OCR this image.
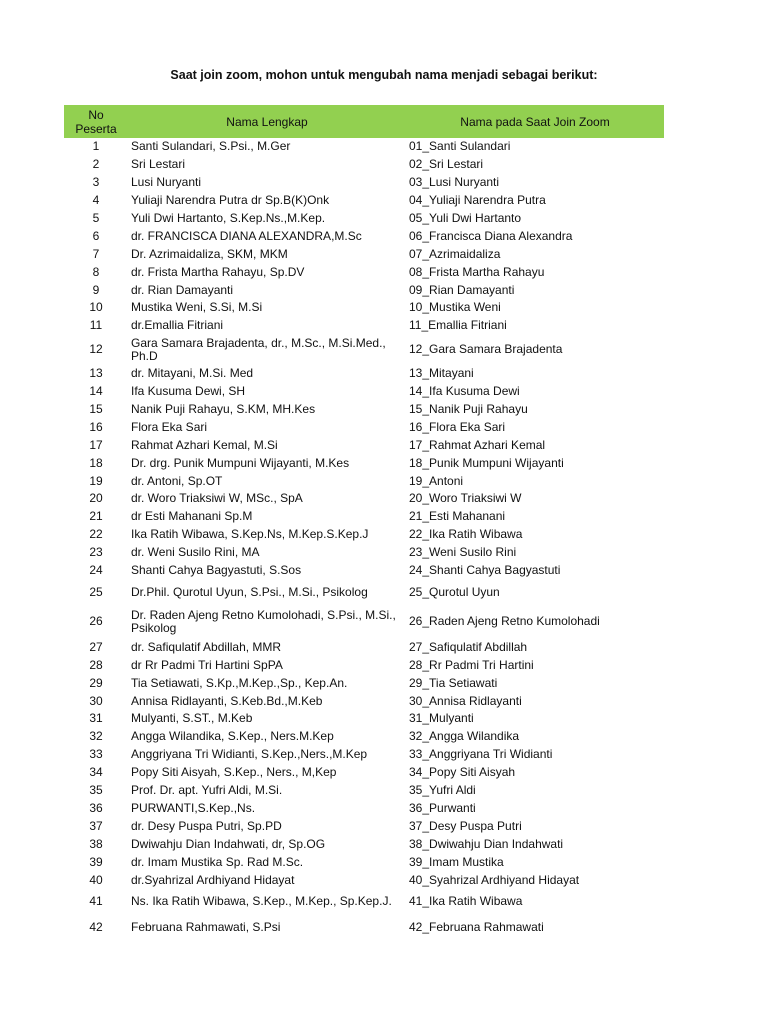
Saat join zoom, mohon untuk mengubah nama menjadi sebagai berikut:
No Peserta	Nama Lengkap	Nama pada Saat Join Zoom
1	Santi Sulandari, S.Psi., M.Ger	01_Santi Sulandari
2	Sri Lestari	02_Sri Lestari
3	Lusi Nuryanti	03_Lusi Nuryanti
4	Yuliaji Narendra Putra dr Sp.B(K)Onk	04_Yuliaji Narendra Putra
5	Yuli Dwi Hartanto, S.Kep.Ns.,M.Kep.	05_Yuli Dwi Hartanto
6	dr. FRANCISCA DIANA ALEXANDRA,M.Sc	06_Francisca Diana Alexandra
7	Dr. Azrimaidaliza, SKM, MKM	07_Azrimaidaliza
8	dr. Frista Martha Rahayu, Sp.DV	08_Frista Martha Rahayu
9	dr. Rian Damayanti	09_Rian Damayanti
10	Mustika Weni, S.Si, M.Si	10_Mustika Weni
11	dr.Emallia Fitriani	11_Emallia Fitriani
12	Gara Samara Brajadenta, dr., M.Sc., M.Si.Med., Ph.D	12_Gara Samara Brajadenta
13	dr. Mitayani, M.Si. Med	13_Mitayani
14	Ifa Kusuma Dewi, SH	14_Ifa Kusuma Dewi
15	Nanik Puji Rahayu, S.KM, MH.Kes	15_Nanik Puji Rahayu
16	Flora Eka Sari	16_Flora Eka Sari
17	Rahmat Azhari Kemal, M.Si	17_Rahmat Azhari Kemal
18	Dr. drg. Punik Mumpuni Wijayanti, M.Kes	18_Punik Mumpuni Wijayanti
19	dr. Antoni, Sp.OT	19_Antoni
20	dr. Woro Triaksiwi W, MSc., SpA	20_Woro Triaksiwi W
21	dr Esti Mahanani Sp.M	21_Esti Mahanani
22	Ika Ratih Wibawa, S.Kep.Ns, M.Kep.S.Kep.J	22_Ika Ratih Wibawa
23	dr. Weni Susilo Rini, MA	23_Weni Susilo Rini
24	Shanti Cahya Bagyastuti, S.Sos	24_Shanti Cahya Bagyastuti
25	Dr.Phil. Qurotul Uyun, S.Psi., M.Si., Psikolog	25_Qurotul Uyun
26	Dr. Raden Ajeng Retno Kumolohadi, S.Psi., M.Si., Psikolog	26_Raden Ajeng Retno Kumolohadi
27	dr. Safiqulatif Abdillah, MMR	27_Safiqulatif Abdillah
28	dr Rr Padmi Tri Hartini SpPA	28_Rr Padmi Tri Hartini
29	Tia Setiawati, S.Kp.,M.Kep.,Sp., Kep.An.	29_Tia Setiawati
30	Annisa Ridlayanti, S.Keb.Bd.,M.Keb	30_Annisa Ridlayanti
31	Mulyanti, S.ST., M.Keb	31_Mulyanti
32	Angga Wilandika, S.Kep., Ners.M.Kep	32_Angga Wilandika
33	Anggriyana Tri Widianti, S.Kep.,Ners.,M.Kep	33_Anggriyana Tri Widianti
34	Popy Siti Aisyah, S.Kep., Ners., M,Kep	34_Popy Siti Aisyah
35	Prof. Dr. apt. Yufri Aldi, M.Si.	35_Yufri Aldi
36	PURWANTI,S.Kep.,Ns.	36_Purwanti
37	dr. Desy Puspa Putri, Sp.PD	37_Desy Puspa Putri
38	Dwiwahju Dian Indahwati, dr, Sp.OG	38_Dwiwahju Dian Indahwati
39	dr. Imam Mustika Sp. Rad M.Sc.	39_Imam Mustika
40	dr.Syahrizal Ardhiyand Hidayat	40_Syahrizal Ardhiyand Hidayat
41	Ns. Ika Ratih Wibawa, S.Kep., M.Kep., Sp.Kep.J.	41_Ika Ratih Wibawa
42	Februana Rahmawati, S.Psi	42_Februana Rahmawati
